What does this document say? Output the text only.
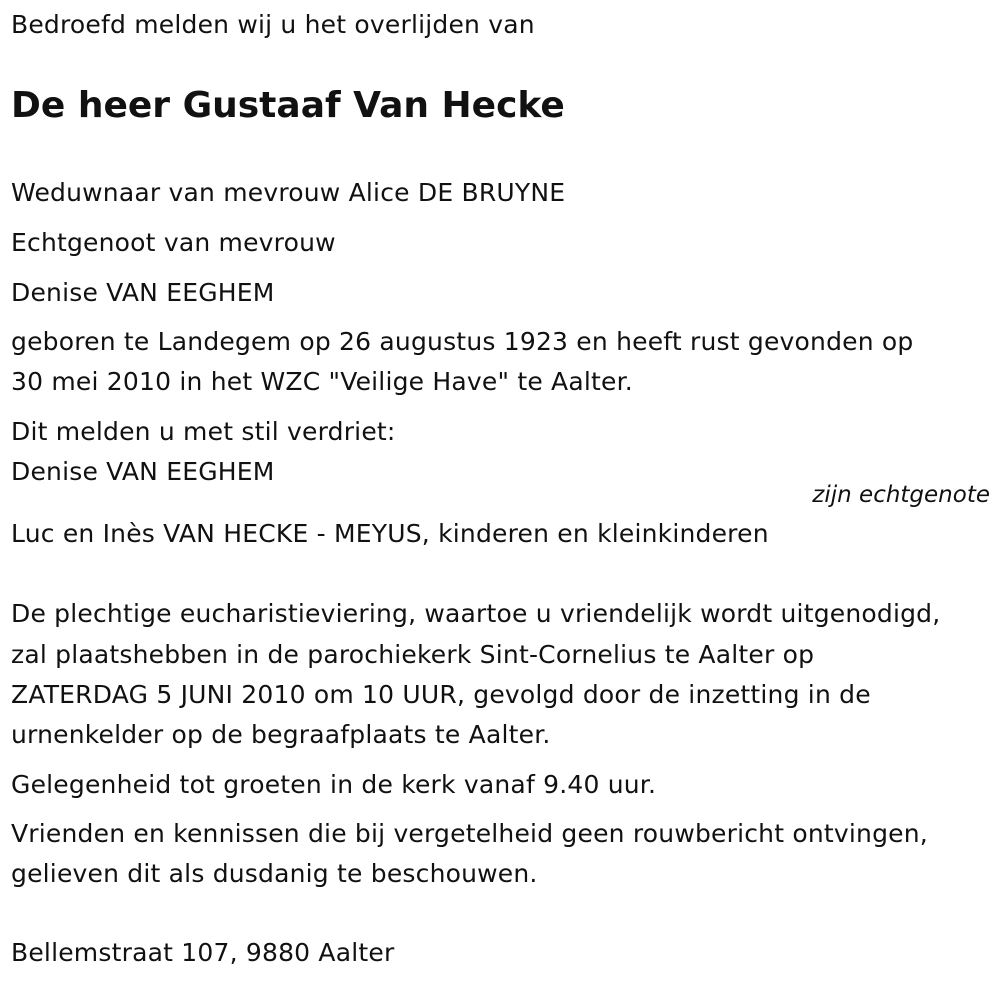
Bedroefd melden wij u het overlijden van
De heer Gustaaf Van Hecke
Weduwnaar van mevrouw Alice DE BRUYNE
Echtgenoot van mevrouw
Denise VAN EEGHEM
geboren te Landegem op 26 augustus 1923 en heeft rust gevonden op
30 mei 2010 in het WZC "Veilige Have" te Aalter.
Dit melden u met stil verdriet:
Denise VAN EEGHEM
zijn echtgenote
Luc en Inès VAN HECKE - MEYUS, kinderen en kleinkinderen
De plechtige eucharistieviering, waartoe u vriendelijk wordt uitgenodigd,
zal plaatshebben in de parochiekerk Sint-Cornelius te Aalter op
ZATERDAG 5 JUNI 2010 om 10 UUR, gevolgd door de inzetting in de
urnenkelder op de begraafplaats te Aalter.
Gelegenheid tot groeten in de kerk vanaf 9.40 uur.
Vrienden en kennissen die bij vergetelheid geen rouwbericht ontvingen,
gelieven dit als dusdanig te beschouwen.
Bellemstraat 107, 9880 Aalter
